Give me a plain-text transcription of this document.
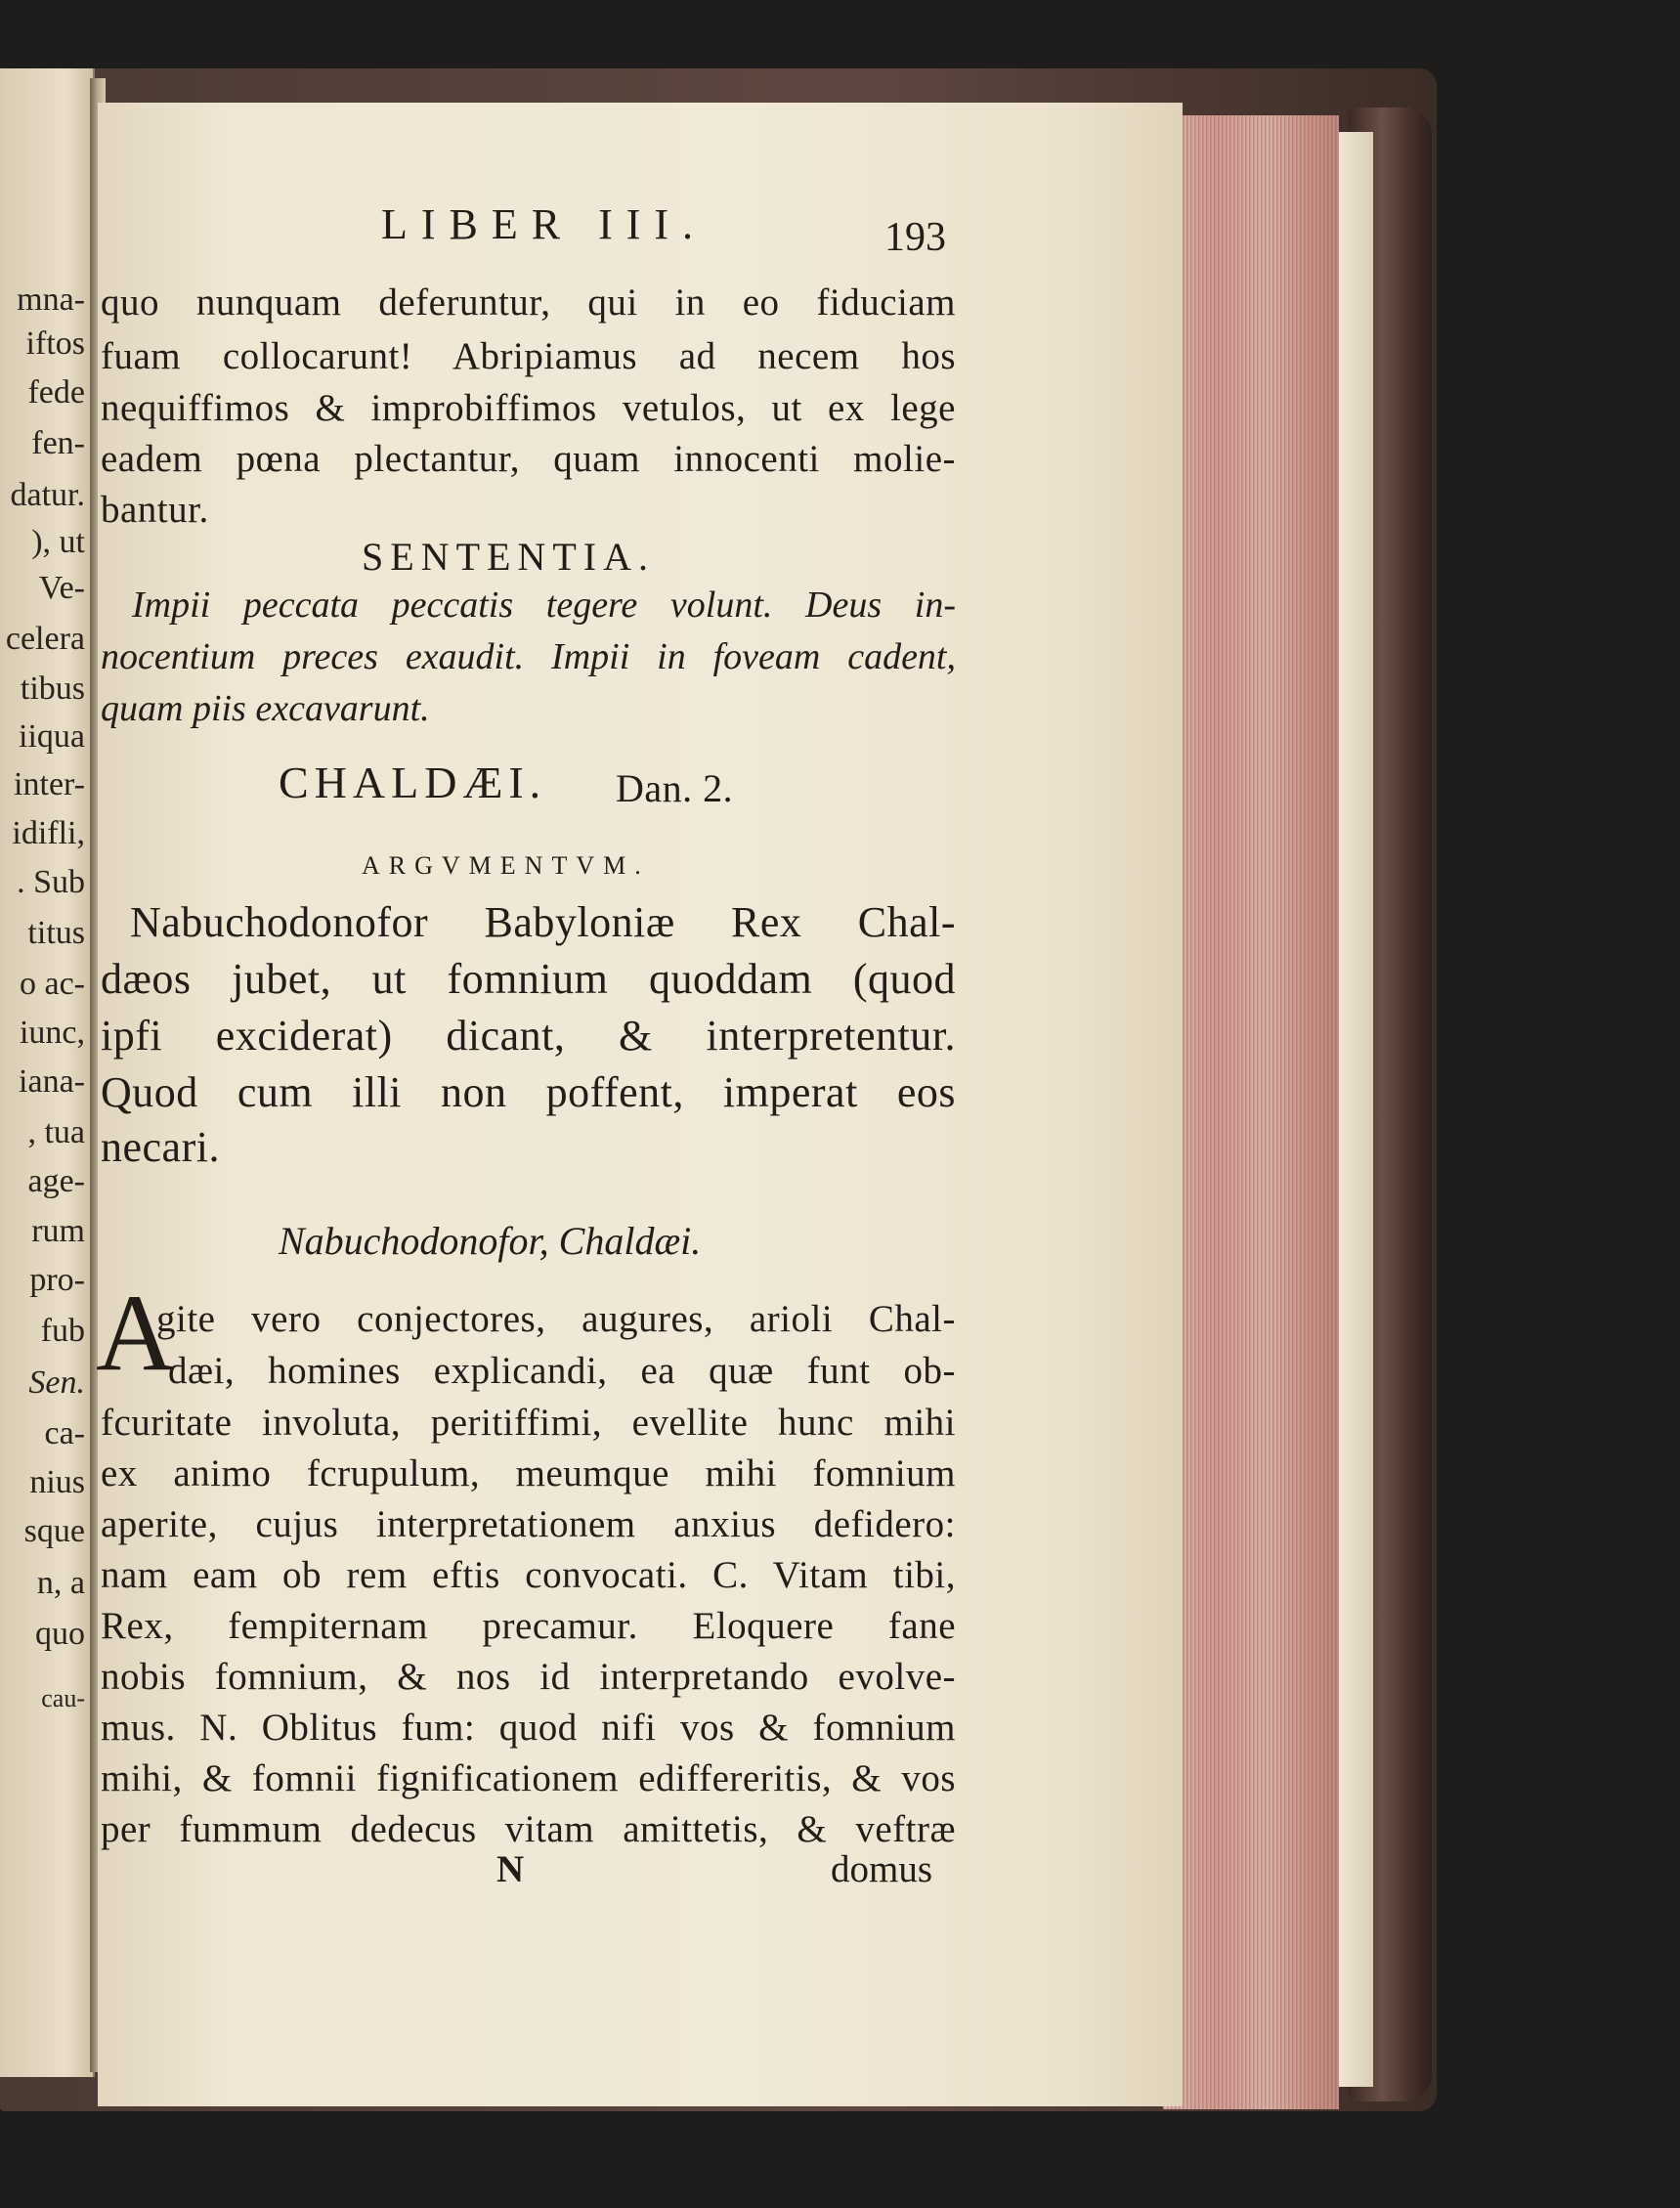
mna-
iftos
fede
fen-
datur.
), ut
Ve-
celera
tibus
iiqua
inter-
idifli,
. Sub
titus
o ac-
iunc,
iana-
, tua
age-
rum
pro-
fub
Sen.
ca-
nius
sque
n, a
quo
cau-
LIBER III.	193
quo nunquam deferuntur, qui in eo fiduciam
fuam collocarunt! Abripiamus ad necem hos
nequiffimos & improbiffimos vetulos, ut ex lege
eadem pœna plectantur, quam innocenti molie-
bantur.
SENTENTIA.
Impii peccata peccatis tegere volunt. Deus in-
nocentium preces exaudit. Impii in foveam cadent,
quam piis excavarunt.
CHALDÆI. Dan. 2.
ARGVMENTVM.
Nabuchodonofor Babyloniæ Rex Chal-
dæos jubet, ut fomnium quoddam (quod
ipfi exciderat) dicant, & interpretentur.
Quod cum illi non poffent, imperat eos
necari.
Nabuchodonofor, Chaldæi.
A
gite vero conjectores, augures, arioli Chal-
dæi, homines explicandi, ea quæ funt ob-
fcuritate involuta, peritiffimi, evellite hunc mihi
ex animo fcrupulum, meumque mihi fomnium
aperite, cujus interpretationem anxius defidero:
nam eam ob rem eftis convocati. C. Vitam tibi,
Rex, fempiternam precamur. Eloquere fane
nobis fomnium, & nos id interpretando evolve-
mus. N. Oblitus fum: quod nifi vos & fomnium
mihi, & fomnii fignificationem ediffereritis, & vos
per fummum dedecus vitam amittetis, & veftræ
N	domus
